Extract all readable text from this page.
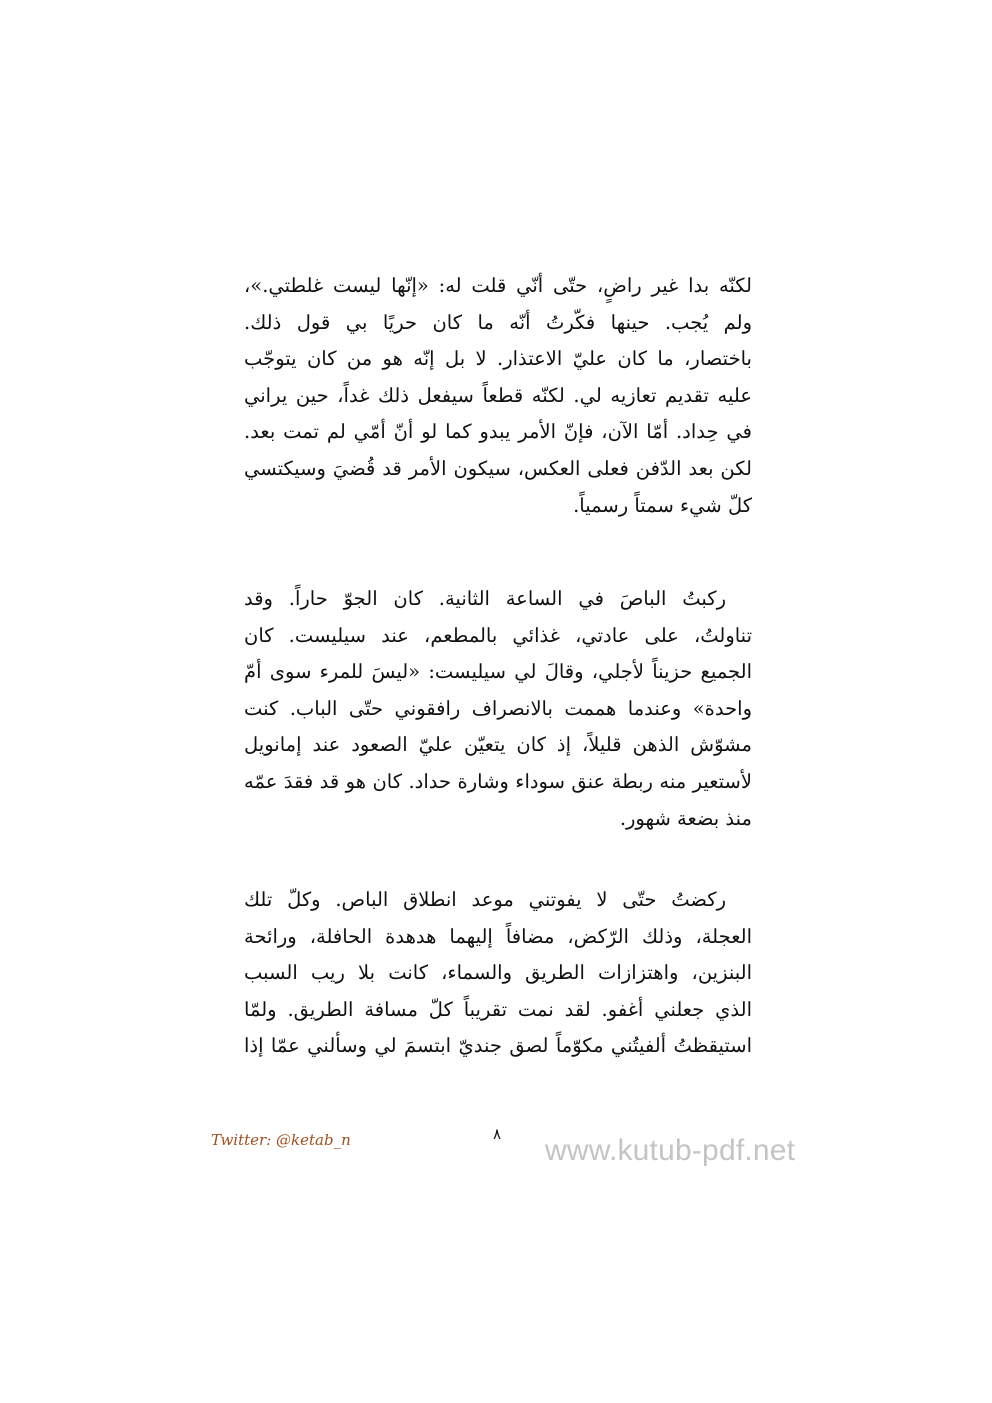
لكنّه بدا غير راضٍ، حتّى أنّي قلت له: «إنّها ليست غلطتي.»،
ولم يُجب. حينها فكّرتُ أنّه ما كان حريًا بي قول ذلك.
باختصار، ما كان عليّ الاعتذار. لا بل إنّه هو من كان يتوجّب
عليه تقديم تعازيه لي. لكنّه قطعاً سيفعل ذلك غداً، حين يراني
في حِداد. أمّا الآن، فإنّ الأمر يبدو كما لو أنّ أمّي لم تمت بعد.
لكن بعد الدّفن فعلى العكس، سيكون الأمر قد قُضيَ وسيكتسي
كلّ شيء سمتاً رسمياً.
ركبتُ الباصَ في الساعة الثانية. كان الجوّ حاراً. وقد
تناولتُ، على عادتي، غذائي بالمطعم، عند سيليست. كان
الجميع حزيناً لأجلي، وقالَ لي سيليست: «ليسَ للمرء سوى أمّ
واحدة» وعندما هممت بالانصراف رافقوني حتّى الباب. كنت
مشوّش الذهن قليلاً، إذ كان يتعيّن عليّ الصعود عند إمانويل
لأستعير منه ربطة عنق سوداء وشارة حداد. كان هو قد فقدَ عمّه
منذ بضعة شهور.
ركضتُ حتّى لا يفوتني موعد انطلاق الباص. وكلّ تلك
العجلة، وذلك الرّكض، مضافاً إليهما هدهدة الحافلة، ورائحة
البنزين، واهتزازات الطريق والسماء، كانت بلا ريب السبب
الذي جعلني أغفو. لقد نمت تقريباً كلّ مسافة الطريق. ولمّا
استيقظتُ ألفيتُني مكوّماً لصق جنديّ ابتسمَ لي وسألني عمّا إذا
Twitter: @ketab_n	٨ www.kutub-pdf.net
